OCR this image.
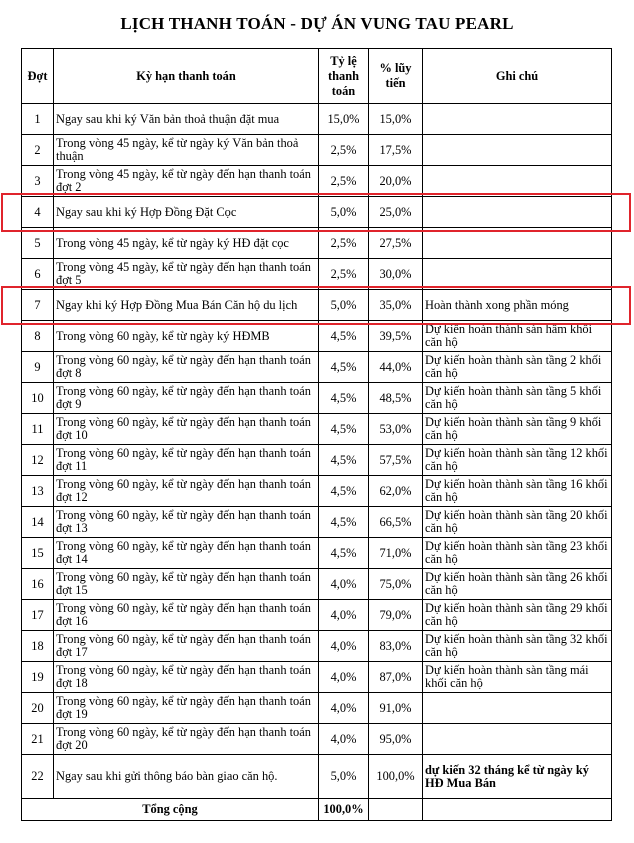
LỊCH THANH TOÁN - DỰ ÁN VUNG TAU PEARL
Đợt	Kỳ hạn thanh toán	Tỷ lệ thanh toán	% lũy tiến	Ghi chú

1	Ngay sau khi ký Văn bản thoả thuận đặt mua	15,0%	15,0%	

2	Trong vòng 45 ngày, kể từ ngày ký Văn bản thoả thuận	2,5%	17,5%	

3	Trong vòng 45 ngày, kể từ ngày đến hạn thanh toán đợt 2	2,5%	20,0%	

4	Ngay sau khi ký Hợp Đồng Đặt Cọc	5,0%	25,0%	

5	Trong vòng 45 ngày, kể từ ngày ký HĐ đặt cọc	2,5%	27,5%	

6	Trong vòng 45 ngày, kể từ ngày đến hạn thanh toán đợt 5	2,5%	30,0%	

7	Ngay khi ký Hợp Đồng Mua Bán Căn hộ du lịch	5,0%	35,0%	Hoàn thành xong phần móng

8	Trong vòng 60 ngày, kể từ ngày ký HĐMB	4,5%	39,5%	Dự kiến hoàn thành sàn hầm khối căn hộ

9	Trong vòng 60 ngày, kể từ ngày đến hạn thanh toán đợt 8	4,5%	44,0%	Dự kiến hoàn thành sàn tầng 2 khối căn hộ

10	Trong vòng 60 ngày, kể từ ngày đến hạn thanh toán đợt 9	4,5%	48,5%	Dự kiến hoàn thành sàn tầng 5 khối căn hộ

11	Trong vòng 60 ngày, kể từ ngày đến hạn thanh toán đợt 10	4,5%	53,0%	Dự kiến hoàn thành sàn tầng 9 khối căn hộ

12	Trong vòng 60 ngày, kể từ ngày đến hạn thanh toán đợt 11	4,5%	57,5%	Dự kiến hoàn thành sàn tầng 12 khối căn hộ

13	Trong vòng 60 ngày, kể từ ngày đến hạn thanh toán đợt 12	4,5%	62,0%	Dự kiến hoàn thành sàn tầng 16 khối căn hộ

14	Trong vòng 60 ngày, kể từ ngày đến hạn thanh toán đợt 13	4,5%	66,5%	Dự kiến hoàn thành sàn tầng 20 khối căn hộ

15	Trong vòng 60 ngày, kể từ ngày đến hạn thanh toán đợt 14	4,5%	71,0%	Dự kiến hoàn thành sàn tầng 23 khối căn hộ

16	Trong vòng 60 ngày, kể từ ngày đến hạn thanh toán đợt 15	4,0%	75,0%	Dự kiến hoàn thành sàn tầng 26 khối căn hộ

17	Trong vòng 60 ngày, kể từ ngày đến hạn thanh toán đợt 16	4,0%	79,0%	Dự kiến hoàn thành sàn tầng 29 khối căn hộ

18	Trong vòng 60 ngày, kể từ ngày đến hạn thanh toán đợt 17	4,0%	83,0%	Dự kiến hoàn thành sàn tầng 32 khối căn hộ

19	Trong vòng 60 ngày, kể từ ngày đến hạn thanh toán đợt 18	4,0%	87,0%	Dự kiến hoàn thành sàn tầng mái khối căn hộ

20	Trong vòng 60 ngày, kể từ ngày đến hạn thanh toán đợt 19	4,0%	91,0%	

21	Trong vòng 60 ngày, kể từ ngày đến hạn thanh toán đợt 20	4,0%	95,0%	

22	Ngay sau khi gửi thông báo bàn giao căn hộ.	5,0%	100,0%	dự kiến 32 tháng kể từ ngày ký HĐ Mua Bán

Tổng cộng		100,0%		
